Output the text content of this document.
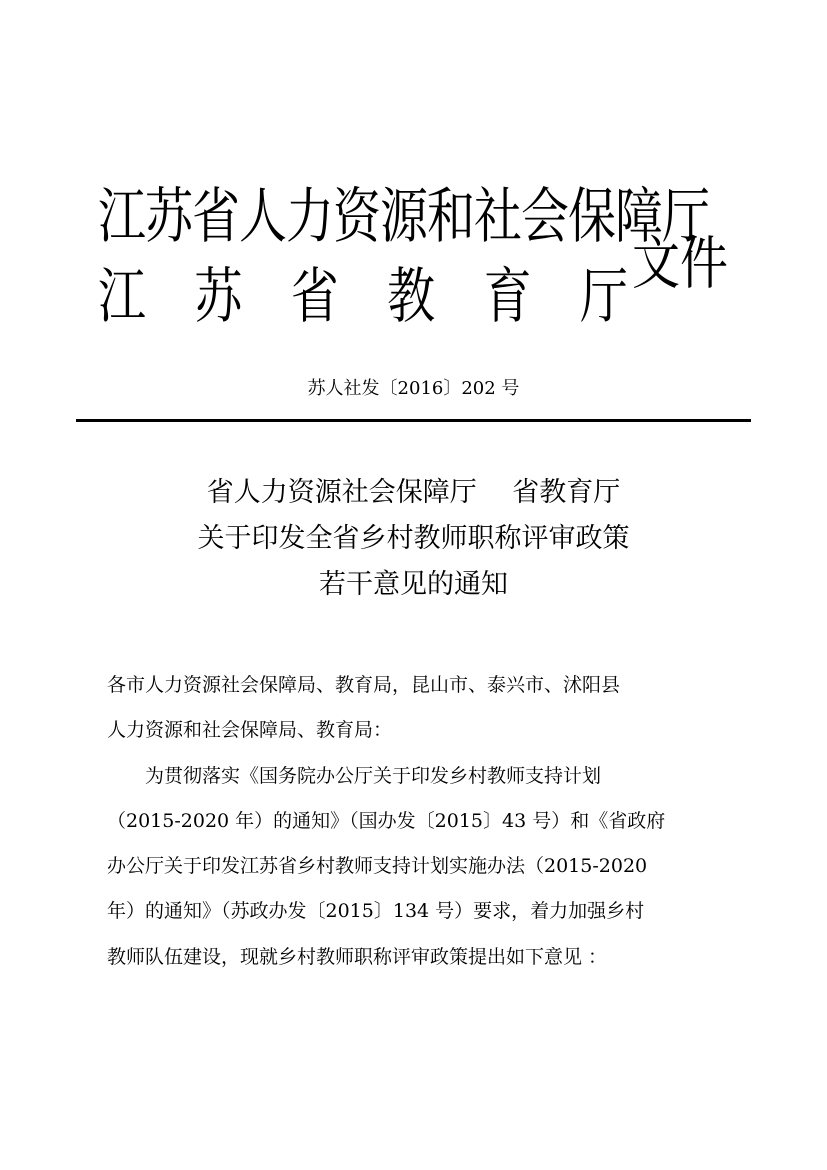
江苏省人力资源和社会保障厅
江 苏 省 教 育 厅 文件
苏人社发〔2016〕202 号
省人力资源社会保障厅　 省教育厅
关于印发全省乡村教师职称评审政策
若干意见的通知
各市人力资源社会保障局、教育局，昆山市、泰兴市、沭阳县
人力资源和社会保障局、教育局：
为贯彻落实《国务院办公厅关于印发乡村教师支持计划
（2015-2020 年）的通知》（国办发〔2015〕43 号）和《省政府
办公厅关于印发江苏省乡村教师支持计划实施办法（2015-2020
年）的通知》（苏政办发〔2015〕134 号）要求，着力加强乡村
教师队伍建设，现就乡村教师职称评审政策提出如下意见 ：
